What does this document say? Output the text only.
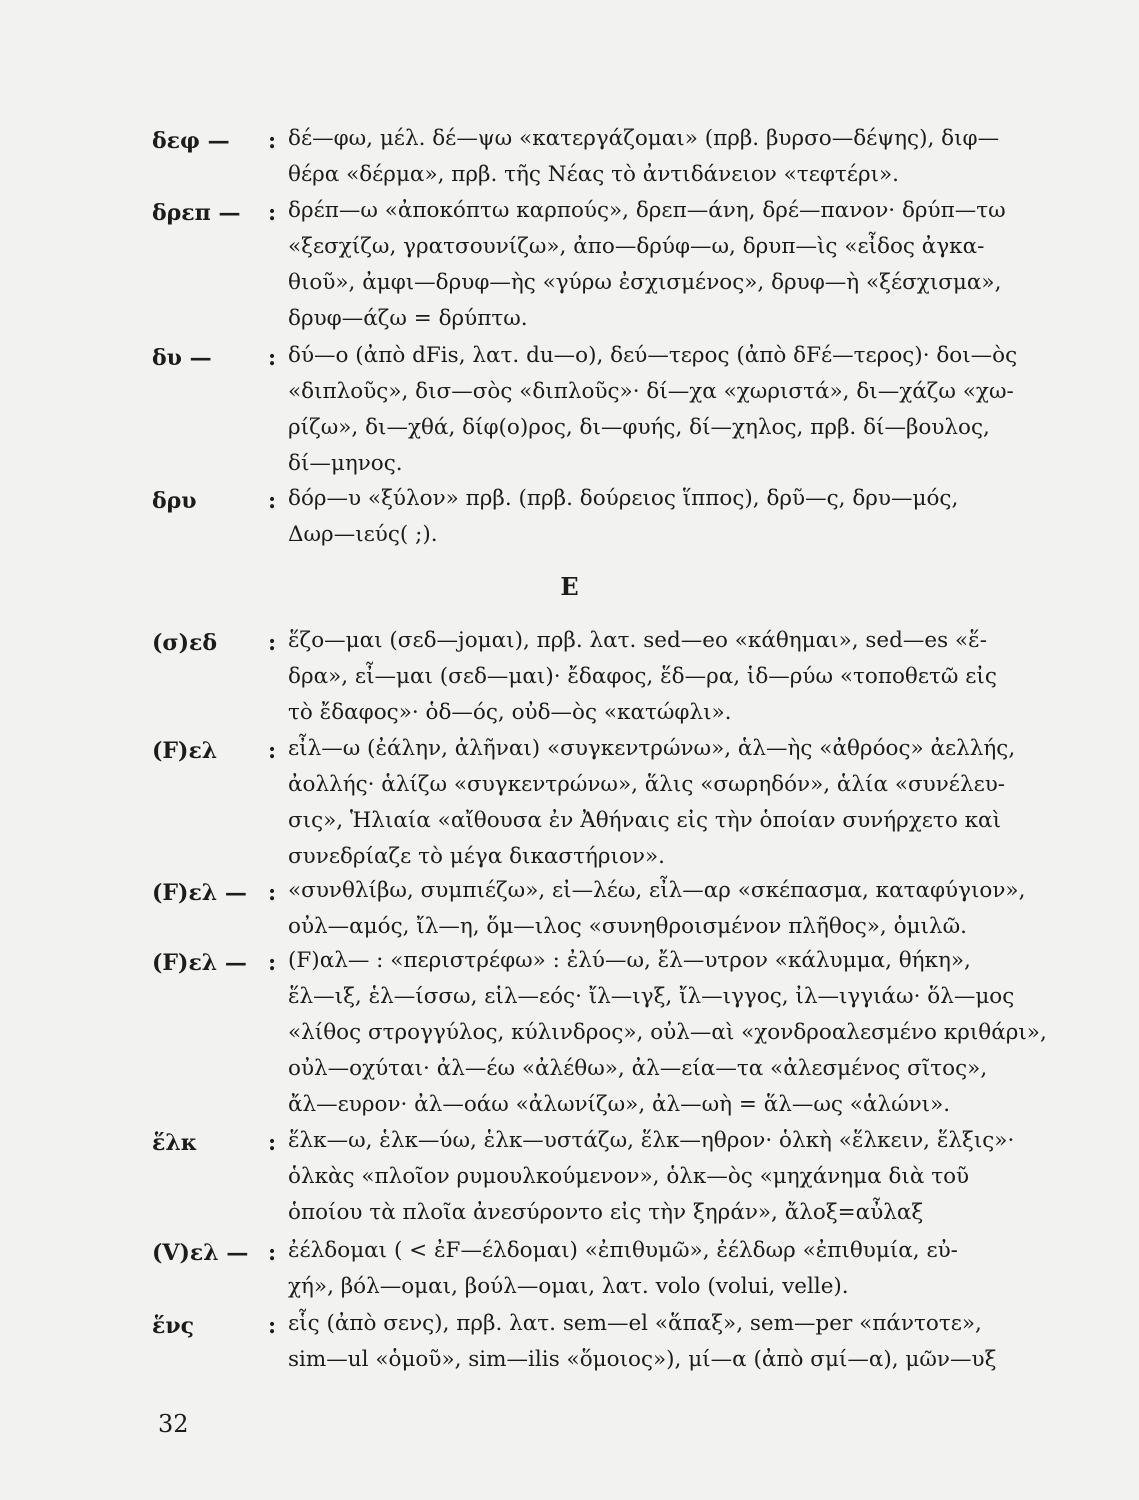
δεφ — : δέ—φω, μέλ. δέ—ψω «κατεργάζομαι» (πρβ. βυρσο—δέψης), διφ—
θέρα «δέρμα», πρβ. τῆς Νέας τὸ ἀντιδάνειον «τεφτέρι».
δρεπ — : δρέπ—ω «ἀποκόπτω καρπούς», δρεπ—άνη, δρέ—πανον· δρύπ—τω
«ξεσχίζω, γρατσουνίζω», ἀπο—δρύφ—ω, δρυπ—ὶς «εἶδος ἀγκα-
θιοῦ», ἀμφι—δρυφ—ὴς «γύρω ἐσχισμένος», δρυφ—ὴ «ξέσχισμα»,
δρυφ—άζω = δρύπτω.
δυ —	: δύ—ο (ἀπὸ dFis, λατ. du—o), δεύ—τερος (ἀπὸ δFέ—τερος)· δοι—ὸς
«διπλοῦς», δισ—σὸς «διπλοῦς»· δί—χα «χωριστά», δι—χάζω «χω-
ρίζω», δι—χθά, δίφ(ο)ρος, δι—φυής, δί—χηλος, πρβ. δί—βουλος,
δί—μηνος.
δρυ	: δόρ—υ «ξύλον» πρβ. (πρβ. δούρειος ἵππος), δρῦ—ς, δρυ—μός,
Δωρ—ιεύς( ;).
Ε
(σ)εδ : ἕζο—μαι (σεδ—joμαι), πρβ. λατ. sed—eo «κάθημαι», sed—es «ἕ-
δρα», εἶ—μαι (σεδ—μαι)· ἔδαφος, ἕδ—ρα, ἱδ—ρύω «τοποθετῶ εἰς
τὸ ἔδαφος»· ὁδ—ός, οὐδ—ὸς «κατώφλι».
(F)ελ : εἶλ—ω (ἐάλην, ἀλῆναι) «συγκεντρώνω», ἁλ—ὴς «ἀθρόος» ἀελλής,
ἀολλής· ἁλίζω «συγκεντρώνω», ἅλις «σωρηδόν», ἁλία «συνέλευ-
σις», Ἡλιαία «αἴθουσα ἐν Ἀθήναις εἰς τὴν ὁποίαν συνήρχετο καὶ
συνεδρίαζε τὸ μέγα δικαστήριον».
(F)ελ — : «συνθλίβω, συμπιέζω», εἰ—λέω, εἶλ—αρ «σκέπασμα, καταφύγιον»,
οὐλ—αμός, ἴλ—η, ὅμ—ιλος «συνηθροισμένον πλῆθος», ὁμιλῶ.
(F)ελ — : (F)αλ— : «περιστρέφω» : ἐλύ—ω, ἔλ—υτρον «κάλυμμα, θήκη»,
ἕλ—ιξ, ἑλ—ίσσω, εἱλ—εός· ἴλ—ιγξ, ἴλ—ιγγος, ἰλ—ιγγιάω· ὅλ—μος
«λίθος στρογγύλος, κύλινδρος», οὐλ—αὶ «χονδροαλεσμένο κριθάρι»,
οὐλ—οχύται· ἀλ—έω «ἀλέθω», ἀλ—εία—τα «ἀλεσμένος σῖτος»,
ἄλ—ευρον· ἀλ—οάω «ἀλωνίζω», ἀλ—ωὴ = ἅλ—ως «ἁλώνι».
ἕλκ	: ἕλκ—ω, ἑλκ—ύω, ἑλκ—υστάζω, ἕλκ—ηθρον· ὁλκὴ «ἕλκειν, ἕλξις»·
ὁλκὰς «πλοῖον ρυμουλκούμενον», ὁλκ—ὸς «μηχάνημα διὰ τοῦ
ὁποίου τὰ πλοῖα ἀνεσύροντο εἰς τὴν ξηράν», ἄλοξ=αὖλαξ
(V)ελ — : ἐέλδομαι ( < ἐF—έλδομαι) «ἐπιθυμῶ», ἐέλδωρ «ἐπιθυμία, εὐ-
χή», βόλ—ομαι, βούλ—ομαι, λατ. volo (volui, velle).
ἕνς	: εἷς (ἀπὸ σενς), πρβ. λατ. sem—el «ἅπαξ», sem—per «πάντοτε»,
sim—ul «ὁμοῦ», sim—ilis «ὅμοιος»), μί—α (ἀπὸ σμί—α), μῶν—υξ
32
